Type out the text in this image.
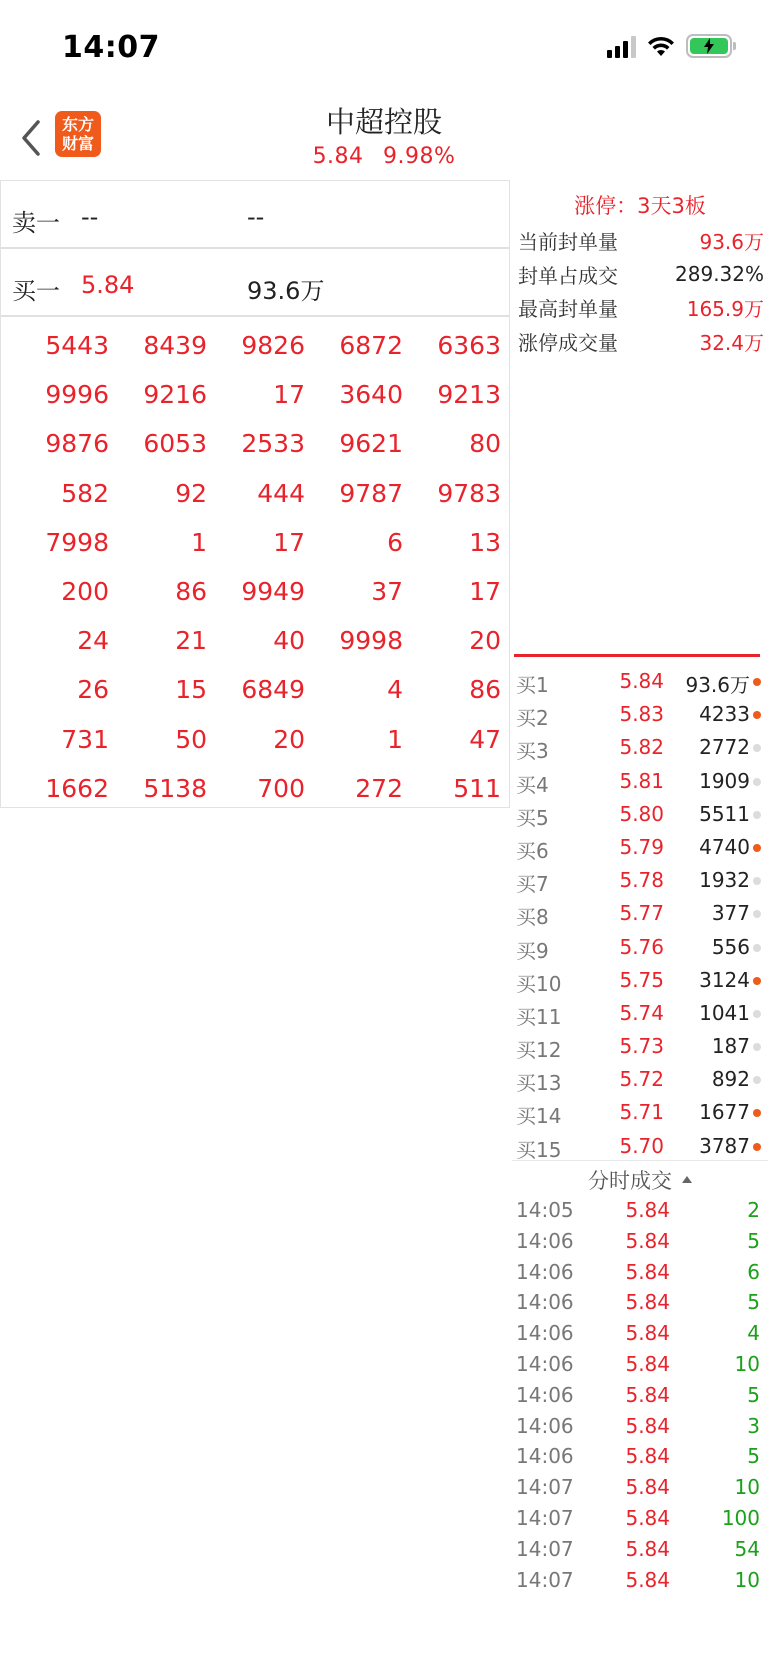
14:07
东方
财富
中超控股
5.84 9.98%
卖一 --	--
买一 5.84	93.6万
5443	8439	9826	6872	6363
9996	9216	17	3640	9213
9876	6053	2533	9621	80
582	92	444	9787	9783
7998	1	17	6	13
200	86	9949	37	17
24	21	40	9998	20
26	15	6849	4	86
731	50	20	1	47
1662	5138	700	272	511
涨停：3天3板
当前封单量	93.6万
封单占成交	289.32%
最高封单量	165.9万
涨停成交量	32.4万
买1	5.84	93.6万
买2	5.83	4233
买3	5.82	2772
买4	5.81	1909
买5	5.80	5511
买6	5.79	4740
买7	5.78	1932
买8	5.77	377
买9	5.76	556
买10	5.75	3124
买11	5.74	1041
买12	5.73	187
买13	5.72	892
买14	5.71	1677
买15	5.70	3787
分时成交
14:05	5.84	2
14:06	5.84	5
14:06	5.84	6
14:06	5.84	5
14:06	5.84	4
14:06	5.84	10
14:06	5.84	5
14:06	5.84	3
14:06	5.84	5
14:07	5.84	10
14:07	5.84	100
14:07	5.84	54
14:07	5.84	10
